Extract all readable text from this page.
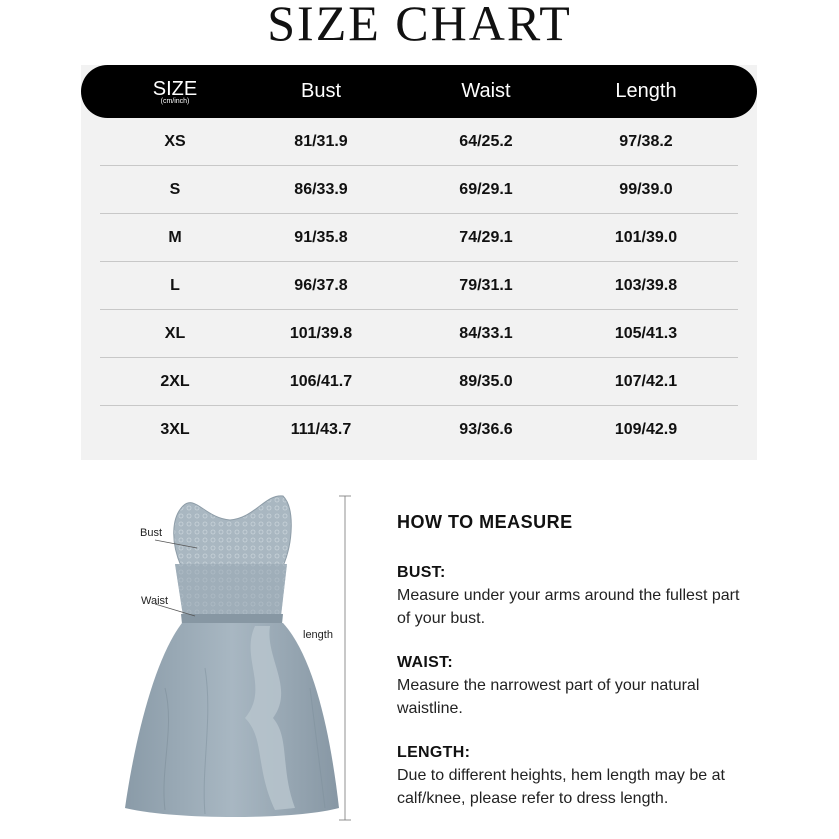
SIZE CHART
SIZE
(cm/inch)	Bust	Waist	Length
XS	81/31.9	64/25.2	97/38.2
S	86/33.9	69/29.1	99/39.0
M	91/35.8	74/29.1	101/39.0
L	96/37.8	79/31.1	103/39.8
XL	101/39.8	84/33.1	105/41.3
2XL	106/41.7	89/35.0	107/42.1
3XL	111/43.7	93/36.6	109/42.9
Bust
Waist
length
HOW TO MEASURE
BUST:
Measure under your arms around the fullest part of your bust.
WAIST:
Measure the narrowest part of your natural waistline.
LENGTH:
Due to different heights, hem length may be at calf/knee, please refer to dress length.
